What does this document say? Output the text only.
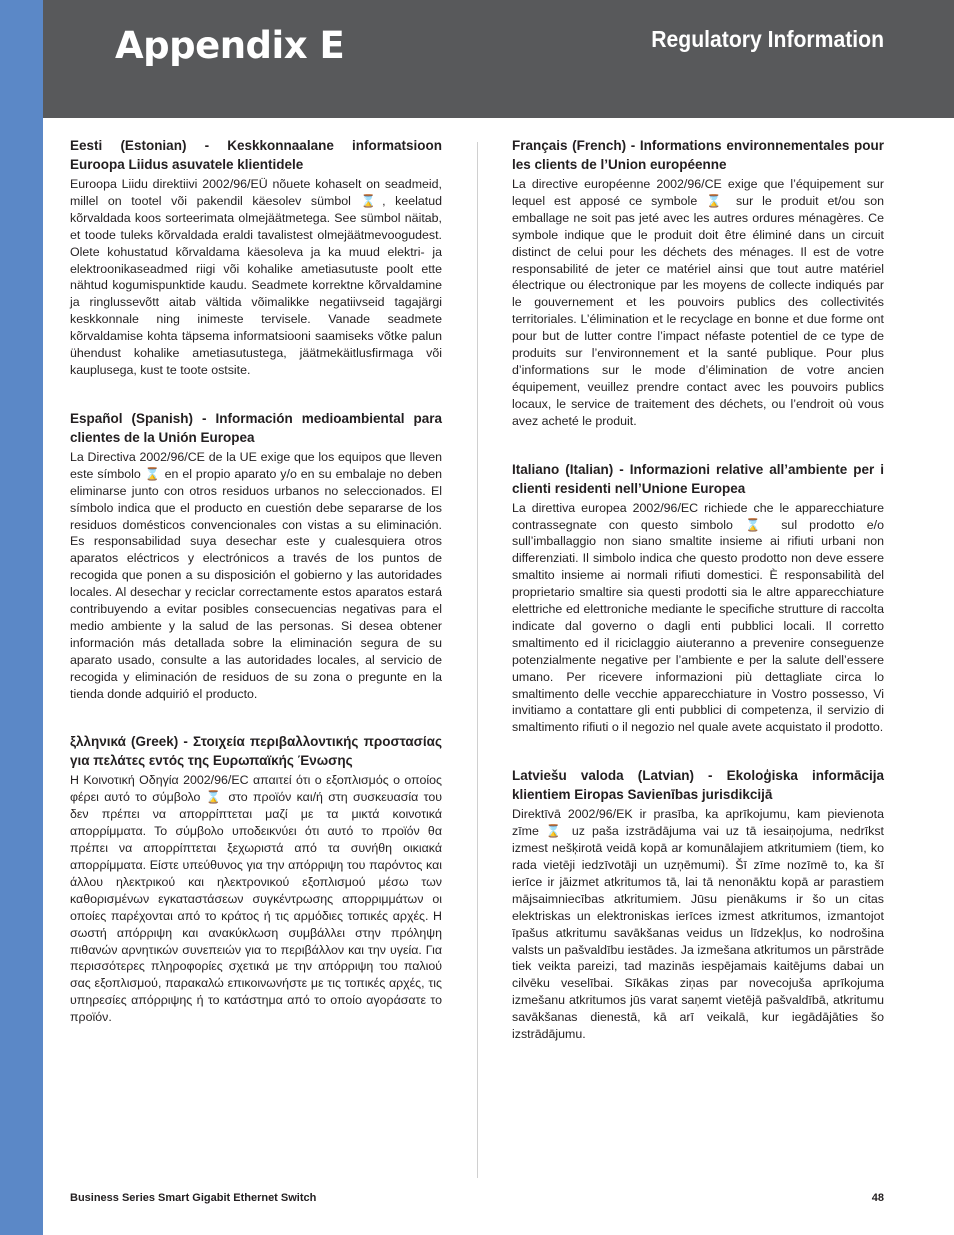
Appendix E	Regulatory Information
Eesti (Estonian) - Keskkonnaalane informatsioon Euroopa Liidus asuvatele klientidele

Euroopa Liidu direktiivi 2002/96/EÜ nõuete kohaselt on seadmeid, millel on tootel või pakendil käesolev sümbol ⌛, keelatud kõrvaldada koos sorteerimata olmejäätmetega. See sümbol näitab, et toode tuleks kõrvaldada eraldi tavalistest olmejäätmevoogudest. Olete kohustatud kõrvaldama käesoleva ja ka muud elektri- ja elektroonikaseadmed riigi või kohalike ametiasutuste poolt ette nähtud kogumispunktide kaudu. Seadmete korrektne kõrvaldamine ja ringlussevõtt aitab vältida võimalikke negatiivseid tagajärgi keskkonnale ning inimeste tervisele. Vanade seadmete kõrvaldamise kohta täpsema informatsiooni saamiseks võtke palun ühendust kohalike ametiasutustega, jäätmekäitlusfirmaga või kauplusega, kust te toote ostsite.

Español (Spanish) - Información medioambiental para clientes de la Unión Europea

La Directiva 2002/96/CE de la UE exige que los equipos que lleven este símbolo ⌛ en el propio aparato y/o en su embalaje no deben eliminarse junto con otros residuos urbanos no seleccionados. El símbolo indica que el producto en cuestión debe separarse de los residuos domésticos convencionales con vistas a su eliminación. Es responsabilidad suya desechar este y cualesquiera otros aparatos eléctricos y electrónicos a través de los puntos de recogida que ponen a su disposición el gobierno y las autoridades locales. Al desechar y reciclar correctamente estos aparatos estará contribuyendo a evitar posibles consecuencias negativas para el medio ambiente y la salud de las personas. Si desea obtener información más detallada sobre la eliminación segura de su aparato usado, consulte a las autoridades locales, al servicio de recogida y eliminación de residuos de su zona o pregunte en la tienda donde adquirió el producto.

ξλληνικά (Greek) - Στοιχεία περιβαλλοντικής προστασίας για πελάτες εντός της Ευρωπαϊκής Ένωσης

Η Κοινοτική Οδηγία 2002/96/EC απαιτεί ότι ο εξοπλισμός ο οποίος φέρει αυτό το σύμβολο ⌛ στο προϊόν και/ή στη συσκευασία του δεν πρέπει να απορρίπτεται μαζί με τα μικτά κοινοτικά απορρίμματα. Το σύμβολο υποδεικνύει ότι αυτό το προϊόν θα πρέπει να απορρίπτεται ξεχωριστά από τα συνήθη οικιακά απορρίμματα. Είστε υπεύθυνος για την απόρριψη του παρόντος και άλλου ηλεκτρικού και ηλεκτρονικού εξοπλισμού μέσω των καθορισμένων εγκαταστάσεων συγκέντρωσης απορριμμάτων οι οποίες παρέχονται από το κράτος ή τις αρμόδιες τοπικές αρχές. Η σωστή απόρριψη και ανακύκλωση συμβάλλει στην πρόληψη πιθανών αρνητικών συνεπειών για το περιβάλλον και την υγεία. Για περισσότερες πληροφορίες σχετικά με την απόρριψη του παλιού σας εξοπλισμού, παρακαλώ επικοινωνήστε με τις τοπικές αρχές, τις υπηρεσίες απόρριψης ή το κατάστημα από το οποίο αγοράσατε το προϊόν.

Français (French) - Informations environnementales pour les clients de l’Union européenne

La directive européenne 2002/96/CE exige que l’équipement sur lequel est apposé ce symbole ⌛ sur le produit et/ou son emballage ne soit pas jeté avec les autres ordures ménagères. Ce symbole indique que le produit doit être éliminé dans un circuit distinct de celui pour les déchets des ménages. Il est de votre responsabilité de jeter ce matériel ainsi que tout autre matériel électrique ou électronique par les moyens de collecte indiqués par le gouvernement et les pouvoirs publics des collectivités territoriales. L’élimination et le recyclage en bonne et due forme ont pour but de lutter contre l’impact néfaste potentiel de ce type de produits sur l’environnement et la santé publique. Pour plus d’informations sur le mode d’élimination de votre ancien équipement, veuillez prendre contact avec les pouvoirs publics locaux, le service de traitement des déchets, ou l’endroit où vous avez acheté le produit.

Italiano (Italian) - Informazioni relative all’ambiente per i clienti residenti nell’Unione Europea

La direttiva europea 2002/96/EC richiede che le apparecchiature contrassegnate con questo simbolo ⌛ sul prodotto e/o sull’imballaggio non siano smaltite insieme ai rifiuti urbani non differenziati. Il simbolo indica che questo prodotto non deve essere smaltito insieme ai normali rifiuti domestici. È responsabilità del proprietario smaltire sia questi prodotti sia le altre apparecchiature elettriche ed elettroniche mediante le specifiche strutture di raccolta indicate dal governo o dagli enti pubblici locali. Il corretto smaltimento ed il riciclaggio aiuteranno a prevenire conseguenze potenzialmente negative per l’ambiente e per la salute dell’essere umano. Per ricevere informazioni più dettagliate circa lo smaltimento delle vecchie apparecchiature in Vostro possesso, Vi invitiamo a contattare gli enti pubblici di competenza, il servizio di smaltimento rifiuti o il negozio nel quale avete acquistato il prodotto.

Latviešu valoda (Latvian) - Ekoloģiska informācija klientiem Eiropas Savienības jurisdikcijā

Direktīvā 2002/96/EK ir prasība, ka aprīkojumu, kam pievienota zīme ⌛ uz paša izstrādājuma vai uz tā iesaiņojuma, nedrīkst izmest nešķirotā veidā kopā ar komunālajiem atkritumiem (tiem, ko rada vietēji iedzīvotāji un uzņēmumi). Šī zīme nozīmē to, ka šī ierīce ir jāizmet atkritumos tā, lai tā nenonāktu kopā ar parastiem mājsaimniecības atkritumiem. Jūsu pienākums ir šo un citas elektriskas un elektroniskas ierīces izmest atkritumos, izmantojot īpašus atkritumu savākšanas veidus un līdzekļus, ko nodrošina valsts un pašvaldību iestādes. Ja izmešana atkritumos un pārstrāde tiek veikta pareizi, tad mazinās iespējamais kaitējums dabai un cilvēku veselībai. Sīkākas ziņas par novecojuša aprīkojuma izmešanu atkritumos jūs varat saņemt vietējā pašvaldībā, atkritumu savākšanas dienestā, kā arī veikalā, kur iegādājāties šo izstrādājumu.

Business Series Smart Gigabit Ethernet Switch	48
